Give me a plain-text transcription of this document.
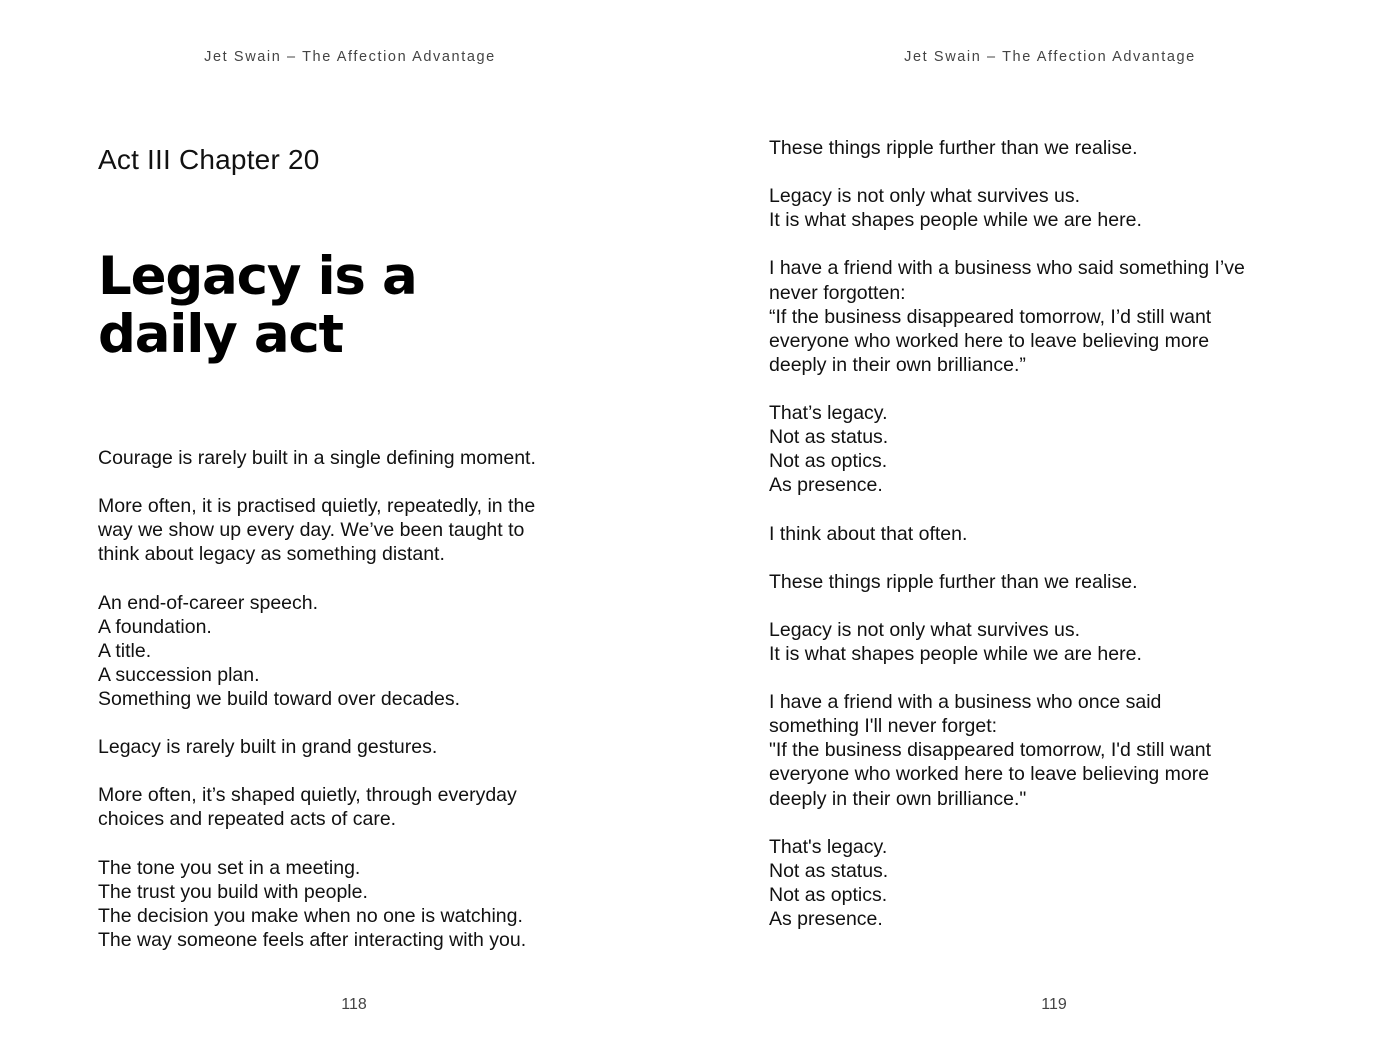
Jet Swain – The Affection Advantage
Act III Chapter 20
Legacy is a
daily act

Courage is rarely built in a single defining moment.

More often, it is practised quietly, repeatedly, in the
way we show up every day. We’ve been taught to
think about legacy as something distant.

An end-of-career speech.
A foundation.
A title.
A succession plan.
Something we build toward over decades.

Legacy is rarely built in grand gestures.

More often, it’s shaped quietly, through everyday
choices and repeated acts of care.

The tone you set in a meeting.
The trust you build with people.
The decision you make when no one is watching.
The way someone feels after interacting with you.

118
Jet Swain – The Affection Advantage

These things ripple further than we realise.

Legacy is not only what survives us.
It is what shapes people while we are here.

I have a friend with a business who said something I’ve
never forgotten:
“If the business disappeared tomorrow, I’d still want
everyone who worked here to leave believing more
deeply in their own brilliance.”

That’s legacy.
Not as status.
Not as optics.
As presence.

I think about that often.

These things ripple further than we realise.

Legacy is not only what survives us.
It is what shapes people while we are here.

I have a friend with a business who once said
something I'll never forget:
"If the business disappeared tomorrow, I'd still want
everyone who worked here to leave believing more
deeply in their own brilliance."

That's legacy.
Not as status.
Not as optics.
As presence.

119
